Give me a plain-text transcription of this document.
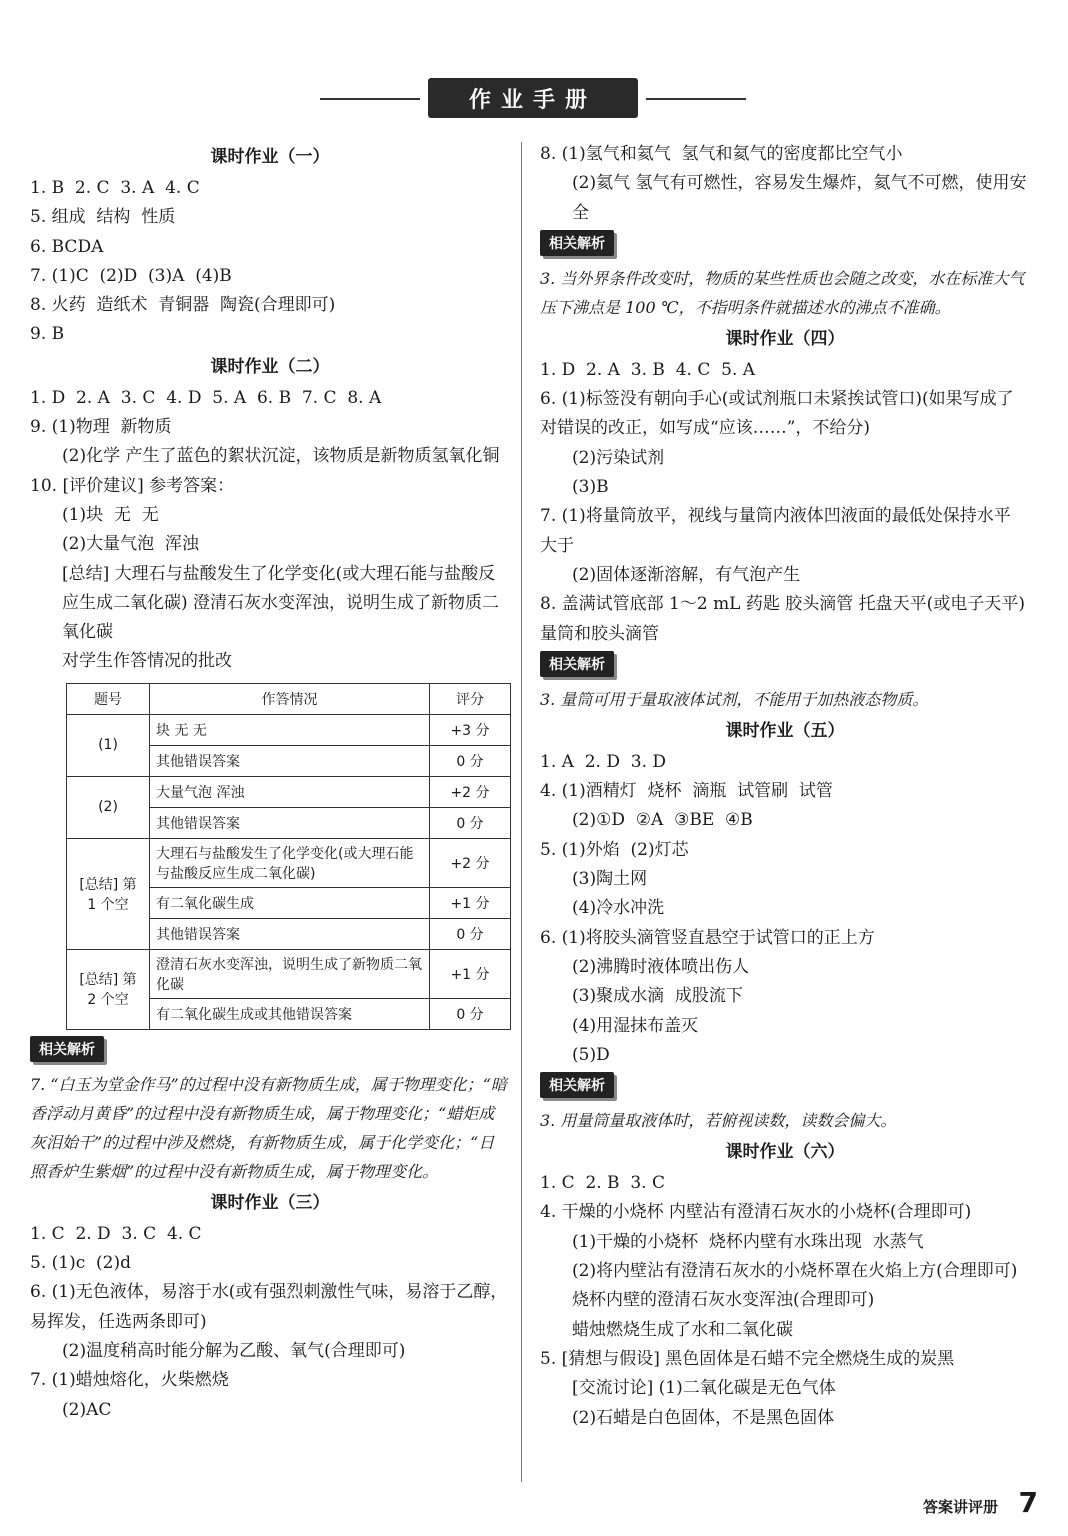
作业手册
课时作业（一）
1. B  2. C  3. A  4. C
5. 组成  结构  性质
6. BCDA
7. (1)C  (2)D  (3)A  (4)B
8. 火药  造纸术  青铜器  陶瓷(合理即可)
9. B
课时作业（二）
1. D  2. A  3. C  4. D  5. A  6. B  7. C  8. A
9. (1)物理  新物质
(2)化学 产生了蓝色的絮状沉淀，该物质是新物质氢氧化铜
10. [评价建议] 参考答案：
(1)块  无  无
(2)大量气泡  浑浊
[总结] 大理石与盐酸发生了化学变化(或大理石能与盐酸反应生成二氧化碳) 澄清石灰水变浑浊，说明生成了新物质二氧化碳
对学生作答情况的批改
题号	作答情况	评分
(1)	块 无 无	+3 分
	其他错误答案	0 分
(2)	大量气泡 浑浊	+2 分
	其他错误答案	0 分
[总结] 第 1 个空	大理石与盐酸发生了化学变化(或大理石能与盐酸反应生成二氧化碳)	+2 分
	有二氧化碳生成	+1 分
	其他错误答案	0 分
[总结] 第 2 个空	澄清石灰水变浑浊，说明生成了新物质二氧化碳	+1 分
	有二氧化碳生成或其他错误答案	0 分
相关解析
7. “白玉为堂金作马”的过程中没有新物质生成，属于物理变化；“暗香浮动月黄昏”的过程中没有新物质生成，属于物理变化；“蜡炬成灰泪始干”的过程中涉及燃烧，有新物质生成，属于化学变化；“日照香炉生紫烟”的过程中没有新物质生成，属于物理变化。
课时作业（三）
1. C  2. D  3. C  4. C
5. (1)c  (2)d
6. (1)无色液体，易溶于水(或有强烈刺激性气味，易溶于乙醇，易挥发，任选两条即可)
(2)温度稍高时能分解为乙酸、氧气(合理即可)
7. (1)蜡烛熔化，火柴燃烧
(2)AC
8. (1)氢气和氦气  氢气和氦气的密度都比空气小
(2)氦气 氢气有可燃性，容易发生爆炸，氦气不可燃，使用安全
相关解析
3. 当外界条件改变时，物质的某些性质也会随之改变，水在标准大气压下沸点是 100 ℃，不指明条件就描述水的沸点不准确。
课时作业（四）
1. D  2. A  3. B  4. C  5. A
6. (1)标签没有朝向手心(或试剂瓶口未紧挨试管口)(如果写成了对错误的改正，如写成“应该……”，不给分)
(2)污染试剂
(3)B
7. (1)将量筒放平，视线与量筒内液体凹液面的最低处保持水平 大于
(2)固体逐渐溶解，有气泡产生
8. 盖满试管底部 1～2 mL 药匙 胶头滴管 托盘天平(或电子天平) 量筒和胶头滴管
相关解析
3. 量筒可用于量取液体试剂，不能用于加热液态物质。
课时作业（五）
1. A  2. D  3. D
4. (1)酒精灯  烧杯  滴瓶  试管刷  试管
(2)①D  ②A  ③BE  ④B
5. (1)外焰  (2)灯芯
(3)陶土网
(4)冷水冲洗
6. (1)将胶头滴管竖直悬空于试管口的正上方
(2)沸腾时液体喷出伤人
(3)聚成水滴  成股流下
(4)用湿抹布盖灭
(5)D
相关解析
3. 用量筒量取液体时，若俯视读数，读数会偏大。
课时作业（六）
1. C  2. B  3. C
4. 干燥的小烧杯 内壁沾有澄清石灰水的小烧杯(合理即可)
(1)干燥的小烧杯  烧杯内壁有水珠出现  水蒸气
(2)将内壁沾有澄清石灰水的小烧杯罩在火焰上方(合理即可) 烧杯内壁的澄清石灰水变浑浊(合理即可)
蜡烛燃烧生成了水和二氧化碳
5. [猜想与假设] 黑色固体是石蜡不完全燃烧生成的炭黑
[交流讨论] (1)二氧化碳是无色气体
(2)石蜡是白色固体，不是黑色固体
答案讲评册 7
